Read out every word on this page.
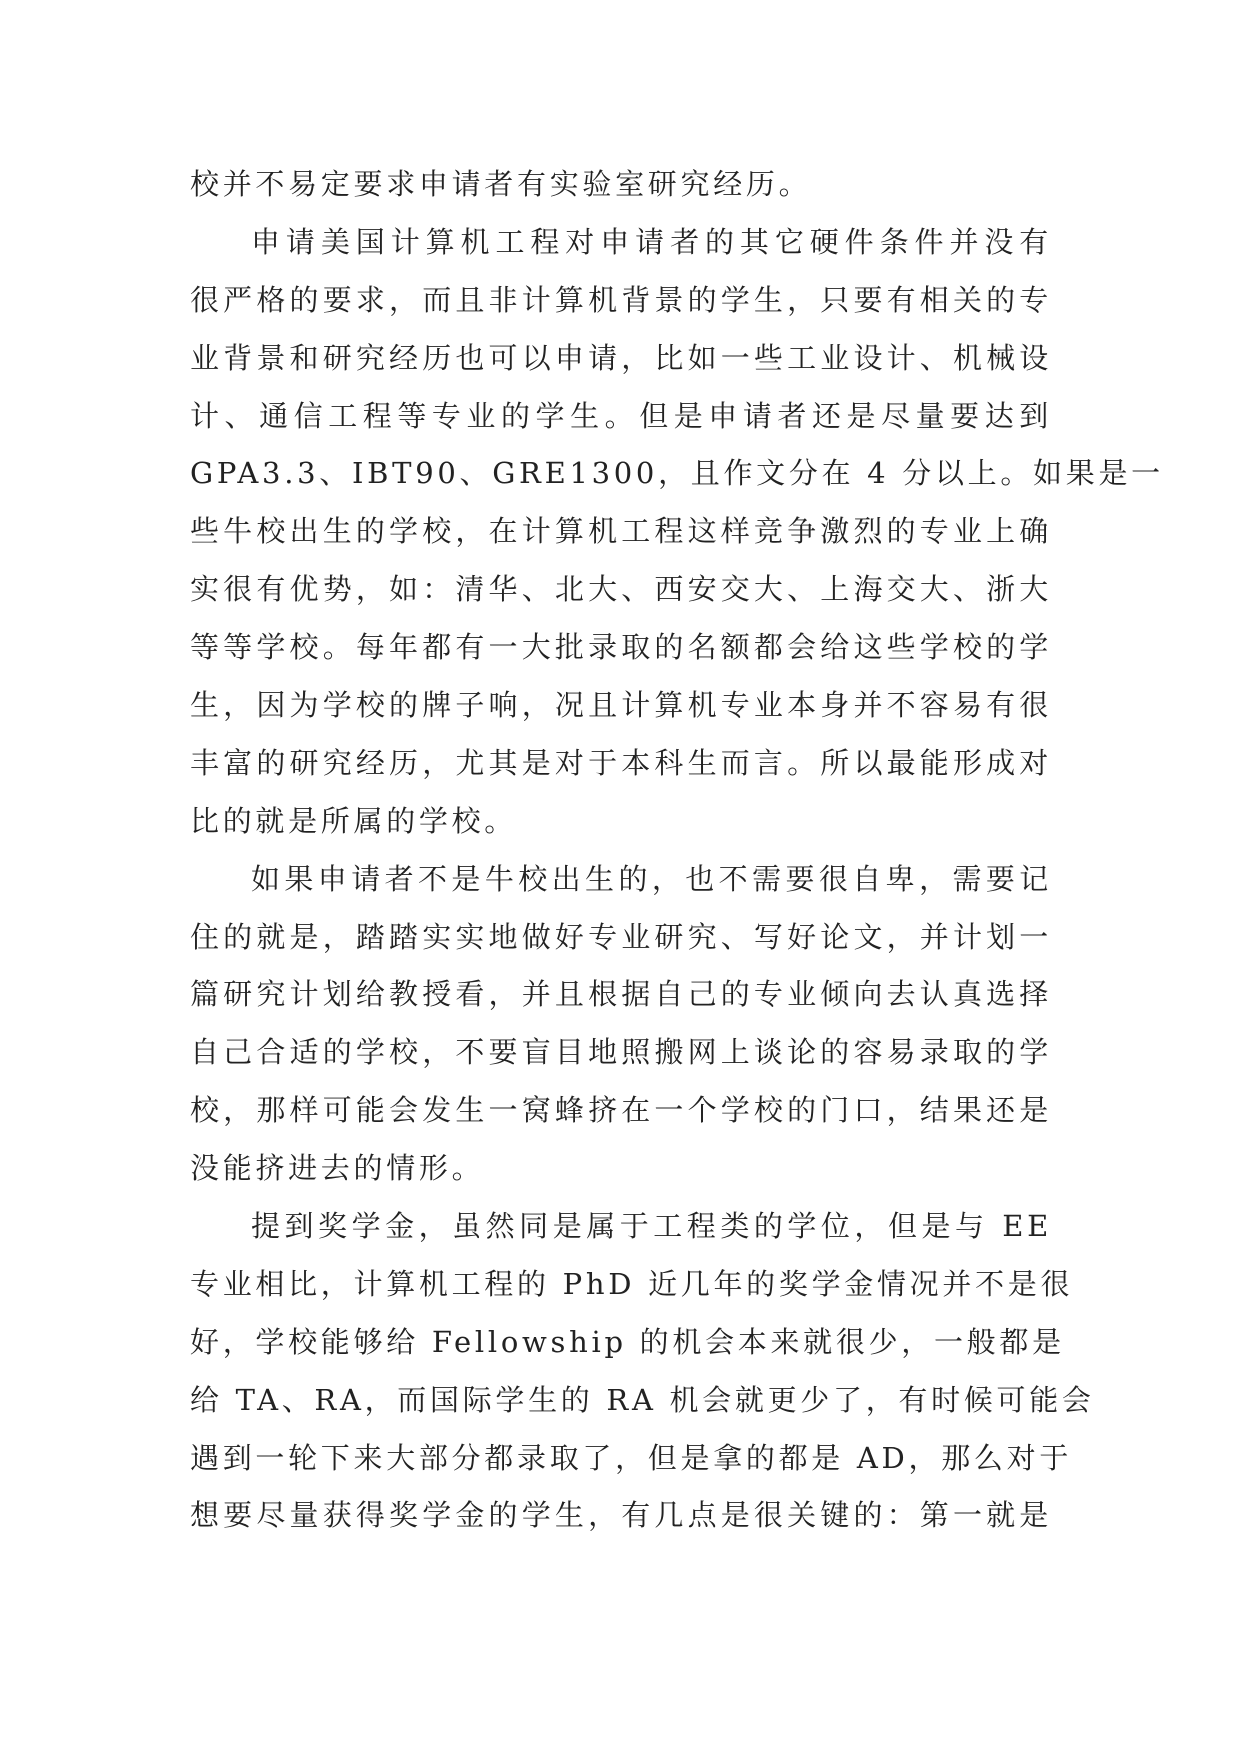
校并不易定要求申请者有实验室研究经历。
申请美国计算机工程对申请者的其它硬件条件并没有
很严格的要求，而且非计算机背景的学生，只要有相关的专
业背景和研究经历也可以申请，比如一些工业设计、机械设
计、通信工程等专业的学生。但是申请者还是尽量要达到
GPA3.3、IBT90、GRE1300，且作文分在 4 分以上。如果是一
些牛校出生的学校，在计算机工程这样竞争激烈的专业上确
实很有优势，如：清华、北大、西安交大、上海交大、浙大
等等学校。每年都有一大批录取的名额都会给这些学校的学
生，因为学校的牌子响，况且计算机专业本身并不容易有很
丰富的研究经历，尤其是对于本科生而言。所以最能形成对
比的就是所属的学校。
如果申请者不是牛校出生的，也不需要很自卑，需要记
住的就是，踏踏实实地做好专业研究、写好论文，并计划一
篇研究计划给教授看，并且根据自己的专业倾向去认真选择
自己合适的学校，不要盲目地照搬网上谈论的容易录取的学
校，那样可能会发生一窝蜂挤在一个学校的门口，结果还是
没能挤进去的情形。
提到奖学金，虽然同是属于工程类的学位，但是与 EE
专业相比，计算机工程的 PhD 近几年的奖学金情况并不是很
好，学校能够给 Fellowship 的机会本来就很少，一般都是
给 TA、RA，而国际学生的 RA 机会就更少了，有时候可能会
遇到一轮下来大部分都录取了，但是拿的都是 AD，那么对于
想要尽量获得奖学金的学生，有几点是很关键的：第一就是
